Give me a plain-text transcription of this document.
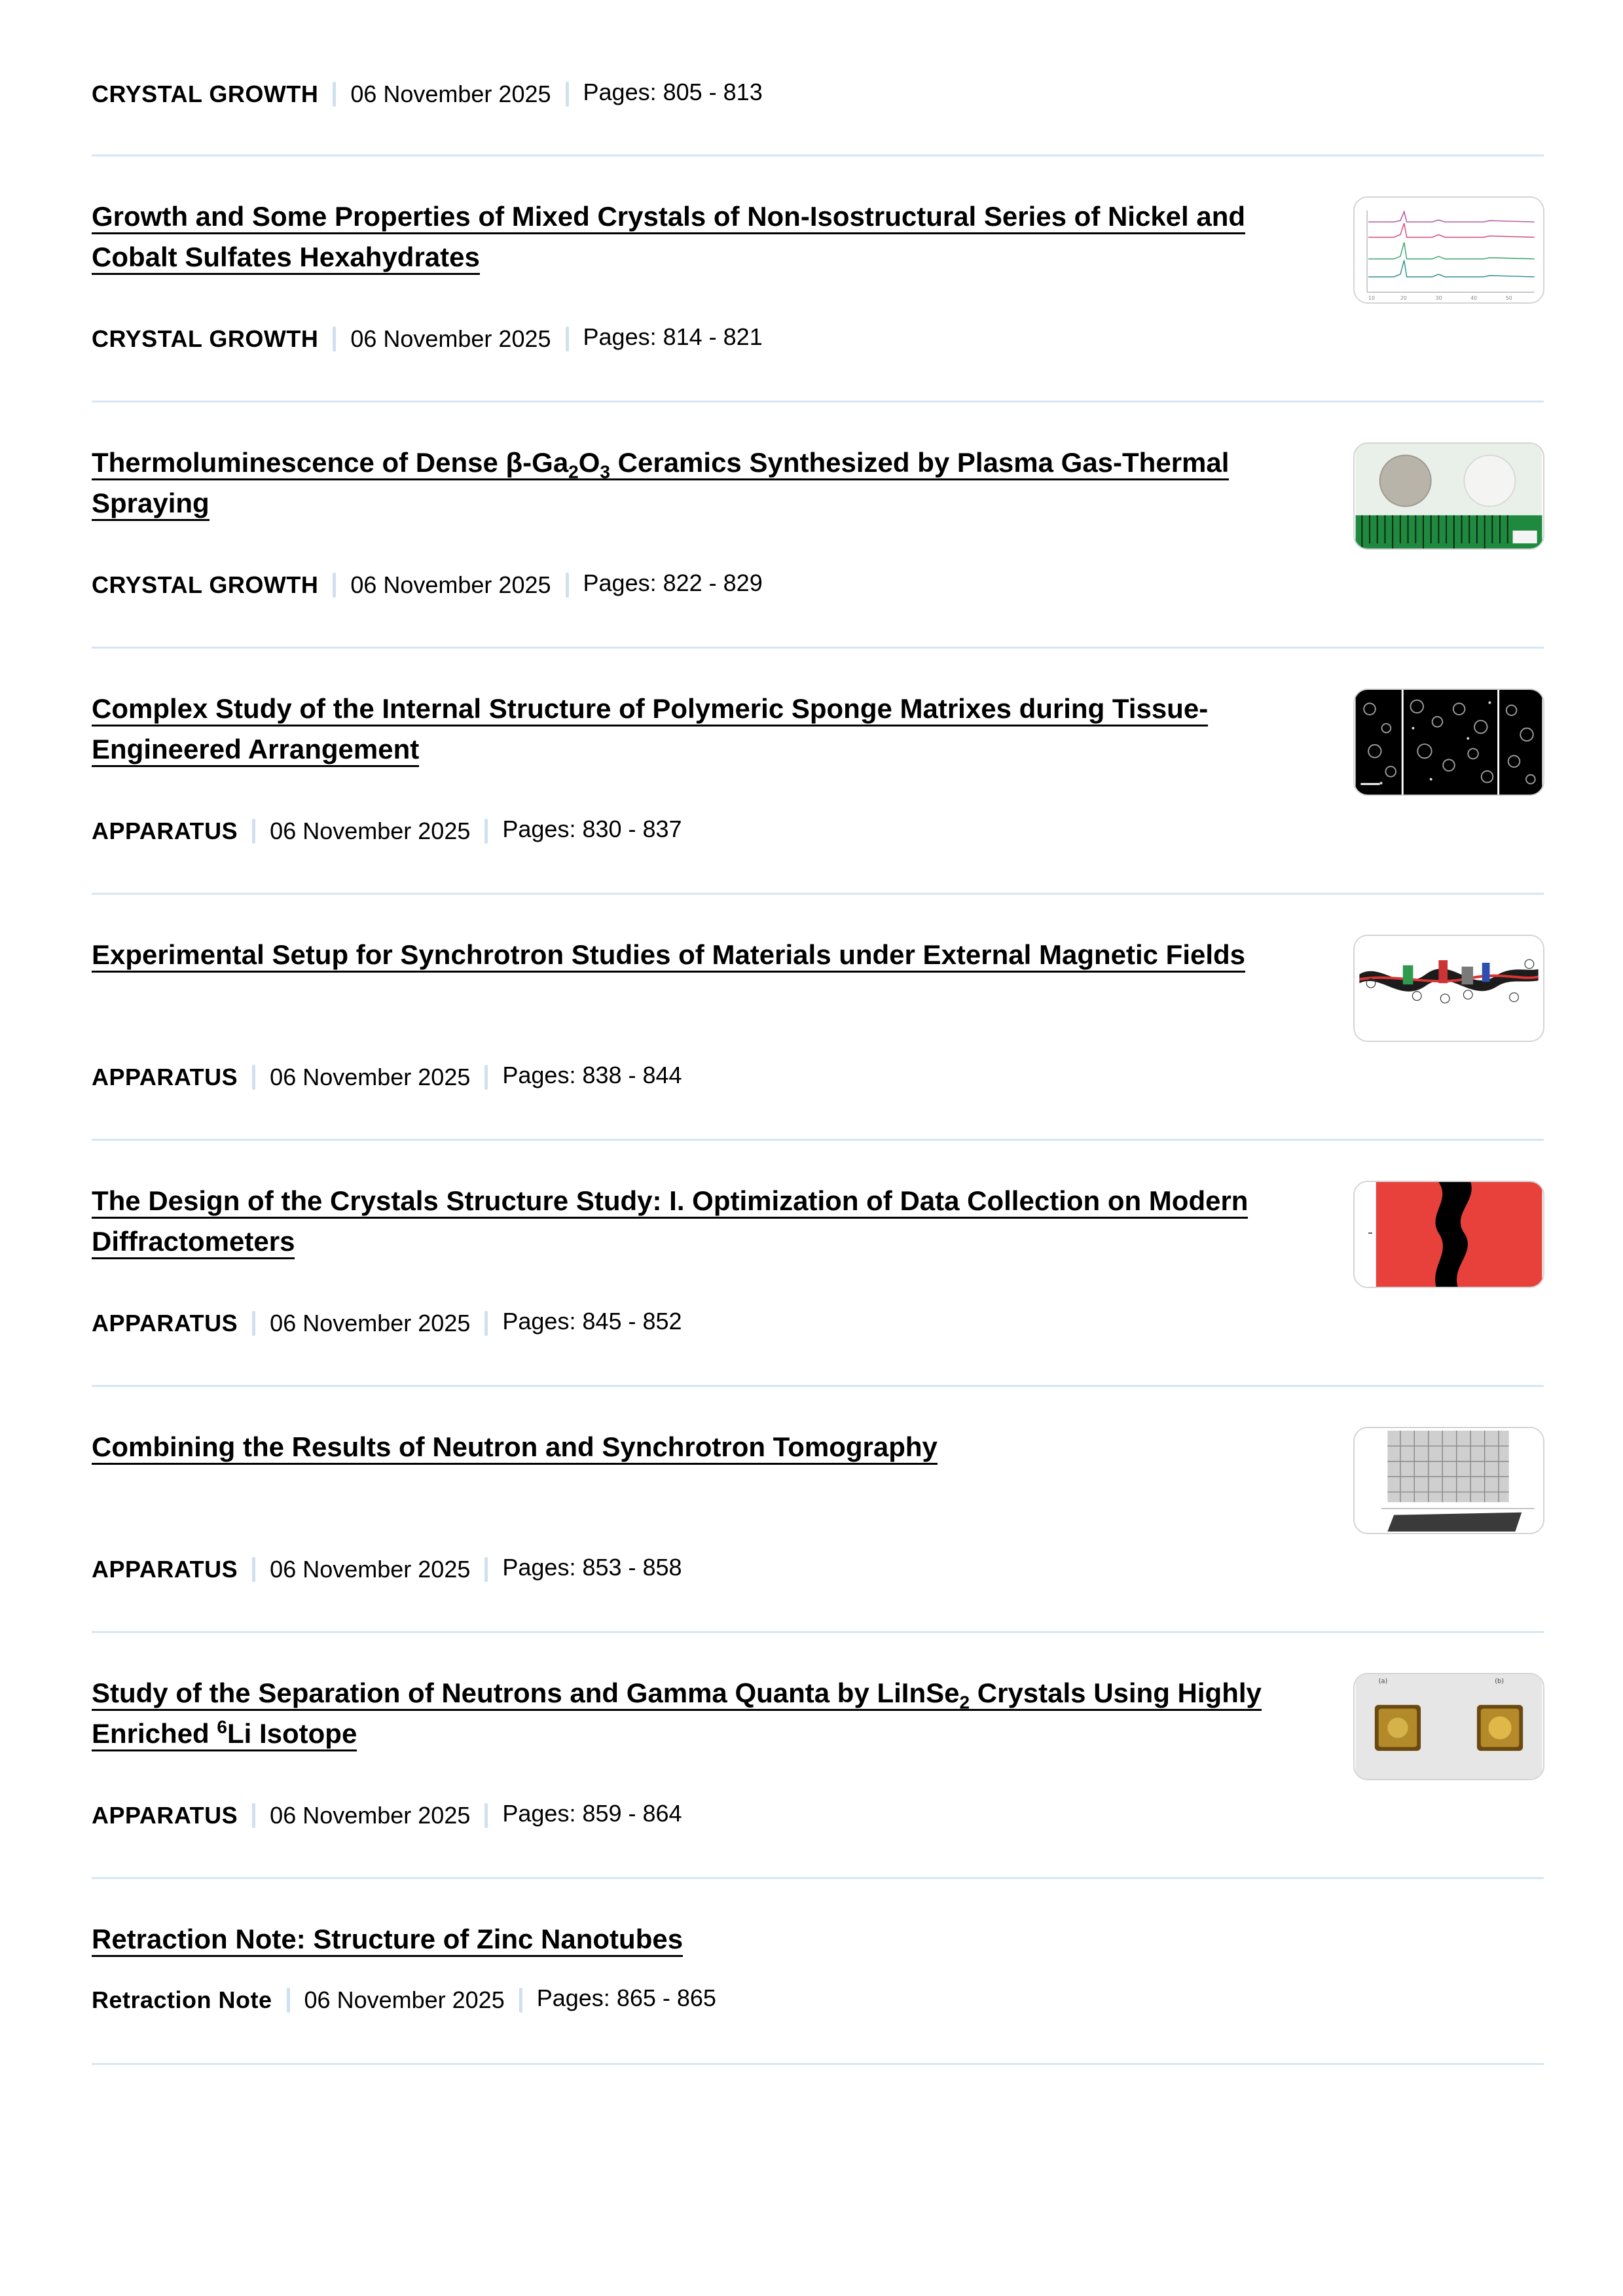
CRYSTAL GROWTH 06 November 2025 Pages: 805 - 813
Growth and Some Properties of Mixed Crystals of Non-Isostructural Series of Nickel and Cobalt Sulfates Hexahydrates
CRYSTAL GROWTH 06 November 2025 Pages: 814 - 821
10	20	30	40	50
Thermoluminescence of Dense $\beta-Ga_2O_3$ Ceramics Synthesized by Plasma Gas-Thermal Spraying
CRYSTAL GROWTH 06 November 2025 Pages: 822 - 829
Complex Study of the Internal Structure of Polymeric Sponge Matrixes during Tissue-Engineered Arrangement
APPARATUS 06 November 2025 Pages: 830 - 837
Experimental Setup for Synchrotron Studies of Materials under External Magnetic Fields
APPARATUS 06 November 2025 Pages: 838 - 844
The Design of the Crystals Structure Study: I. Optimization of Data Collection on Modern Diffractometers
APPARATUS 06 November 2025 Pages: 845 - 852
Combining the Results of Neutron and Synchrotron Tomography
APPARATUS 06 November 2025 Pages: 853 - 858
Study of the Separation of Neutrons and Gamma Quanta by LiInSe$_2$ Crystals Using Highly Enriched $^6$Li Isotope
APPARATUS 06 November 2025 Pages: 859 - 864
(a)	(b)
Retraction Note: Structure of Zinc Nanotubes
Retraction Note 06 November 2025 Pages: 865 - 865
